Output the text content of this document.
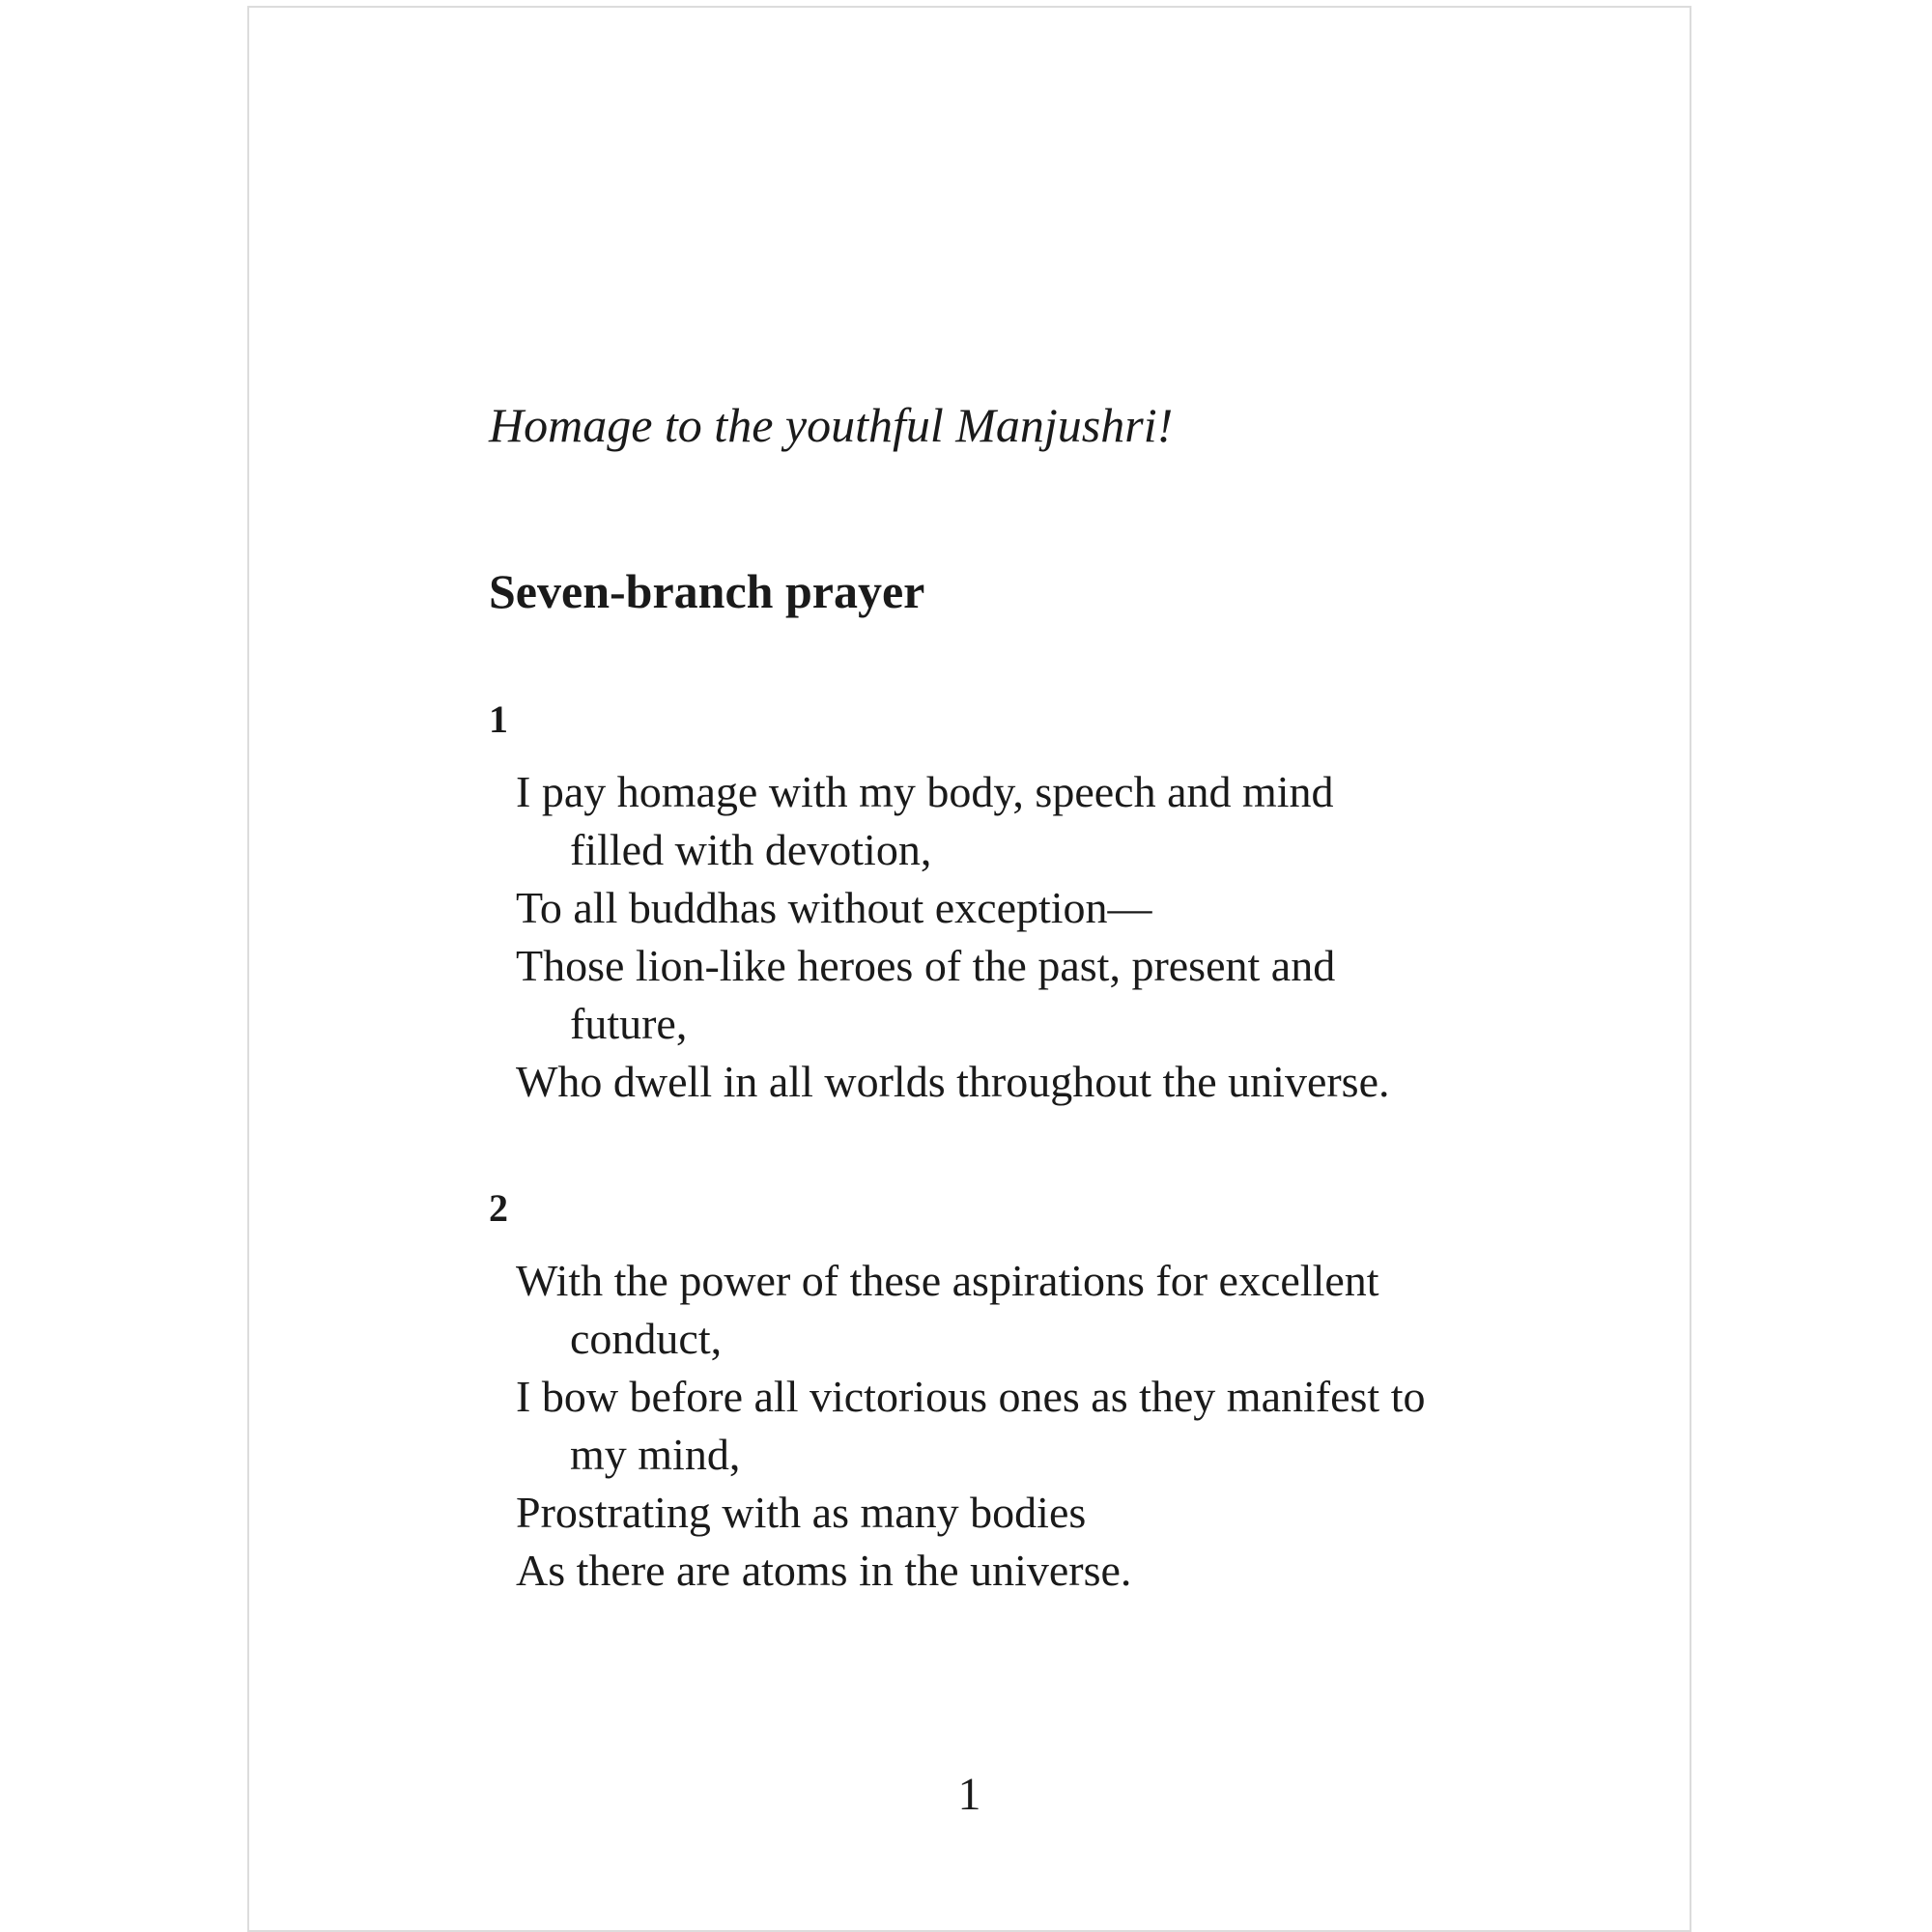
Homage to the youthful Manjushri!
Seven-branch prayer
1
I pay homage with my body, speech and mind
filled with devotion,
To all buddhas without exception—
Those lion-like heroes of the past, present and
future,
Who dwell in all worlds throughout the universe.
2
With the power of these aspirations for excellent
conduct,
I bow before all victorious ones as they manifest to
my mind,
Prostrating with as many bodies
As there are atoms in the universe.
1
